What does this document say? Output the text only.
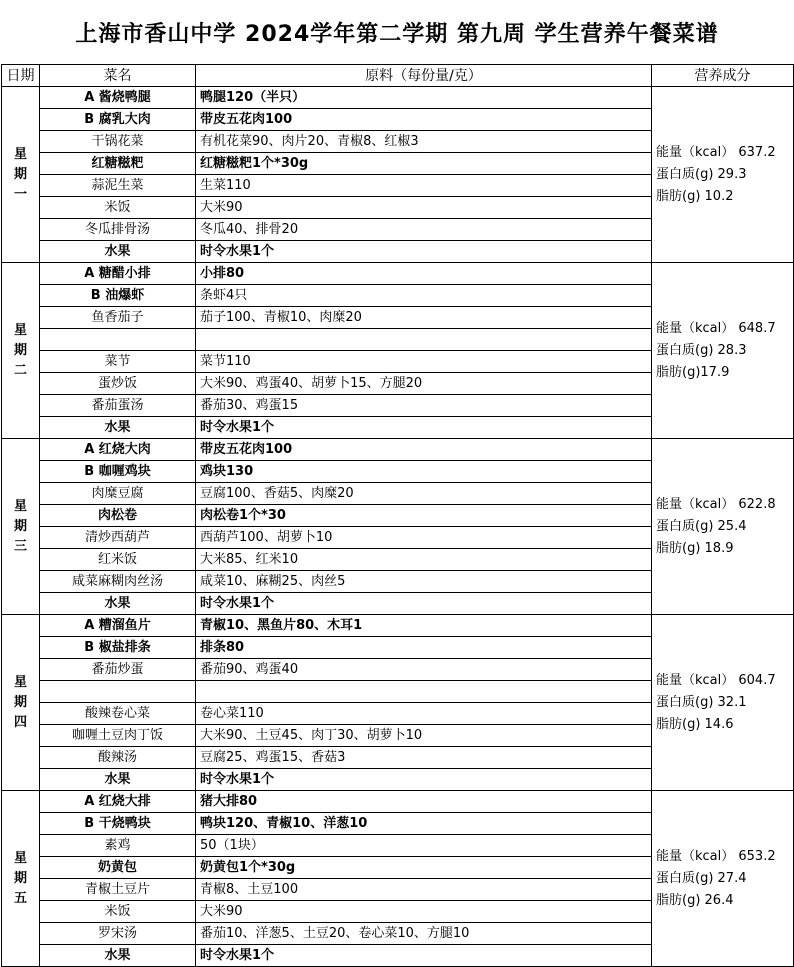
上海市香山中学 2024学年第二学期 第九周 学生营养午餐菜谱
日期	菜名	原料（每份量/克）	营养成分

星
期
一	A 酱烧鸭腿	鸭腿120（半只）	能量（kcal） 637.2
蛋白质(g) 29.3
脂肪(g) 10.2

	B 腐乳大肉	带皮五花肉100	
	干锅花菜	有机花菜90、肉片20、青椒8、红椒3	
	红糖糍粑	红糖糍粑1个*30g	
	蒜泥生菜	生菜110	
	米饭	大米90	
	冬瓜排骨汤	冬瓜40、排骨20	
	水果	时令水果1个	

星
期
二	A 糖醋小排	小排80	能量（kcal） 648.7
蛋白质(g) 28.3
脂肪(g)17.9

	B 油爆虾	条虾4只	
	鱼香茄子	茄子100、青椒10、肉糜20	

	菜节	菜节110	
	蛋炒饭	大米90、鸡蛋40、胡萝卜15、方腿20	
	番茄蛋汤	番茄30、鸡蛋15	
	水果	时令水果1个	

星
期
三	A 红烧大肉	带皮五花肉100	能量（kcal） 622.8
蛋白质(g) 25.4
脂肪(g) 18.9

	B 咖喱鸡块	鸡块130	
	肉糜豆腐	豆腐100、香菇5、肉糜20	
	肉松卷	肉松卷1个*30	
	清炒西葫芦	西葫芦100、胡萝卜10	
	红米饭	大米85、红米10	
	咸菜麻糊肉丝汤	咸菜10、麻糊25、肉丝5	
	水果	时令水果1个	

星
期
四	A 糟溜鱼片	青椒10、黑鱼片80、木耳1	能量（kcal） 604.7
蛋白质(g) 32.1
脂肪(g) 14.6

	B 椒盐排条	排条80	
	番茄炒蛋	番茄90、鸡蛋40	

	酸辣卷心菜	卷心菜110	
	咖喱土豆肉丁饭	大米90、土豆45、肉丁30、胡萝卜10	
	酸辣汤	豆腐25、鸡蛋15、香菇3	
	水果	时令水果1个	

星
期
五	A 红烧大排	猪大排80	能量（kcal） 653.2
蛋白质(g) 27.4
脂肪(g) 26.4

	B 干烧鸭块	鸭块120、青椒10、洋葱10	
	素鸡	50（1块）	
	奶黄包	奶黄包1个*30g	
	青椒土豆片	青椒8、土豆100	
	米饭	大米90	
	罗宋汤	番茄10、洋葱5、土豆20、卷心菜10、方腿10	
	水果	时令水果1个	
